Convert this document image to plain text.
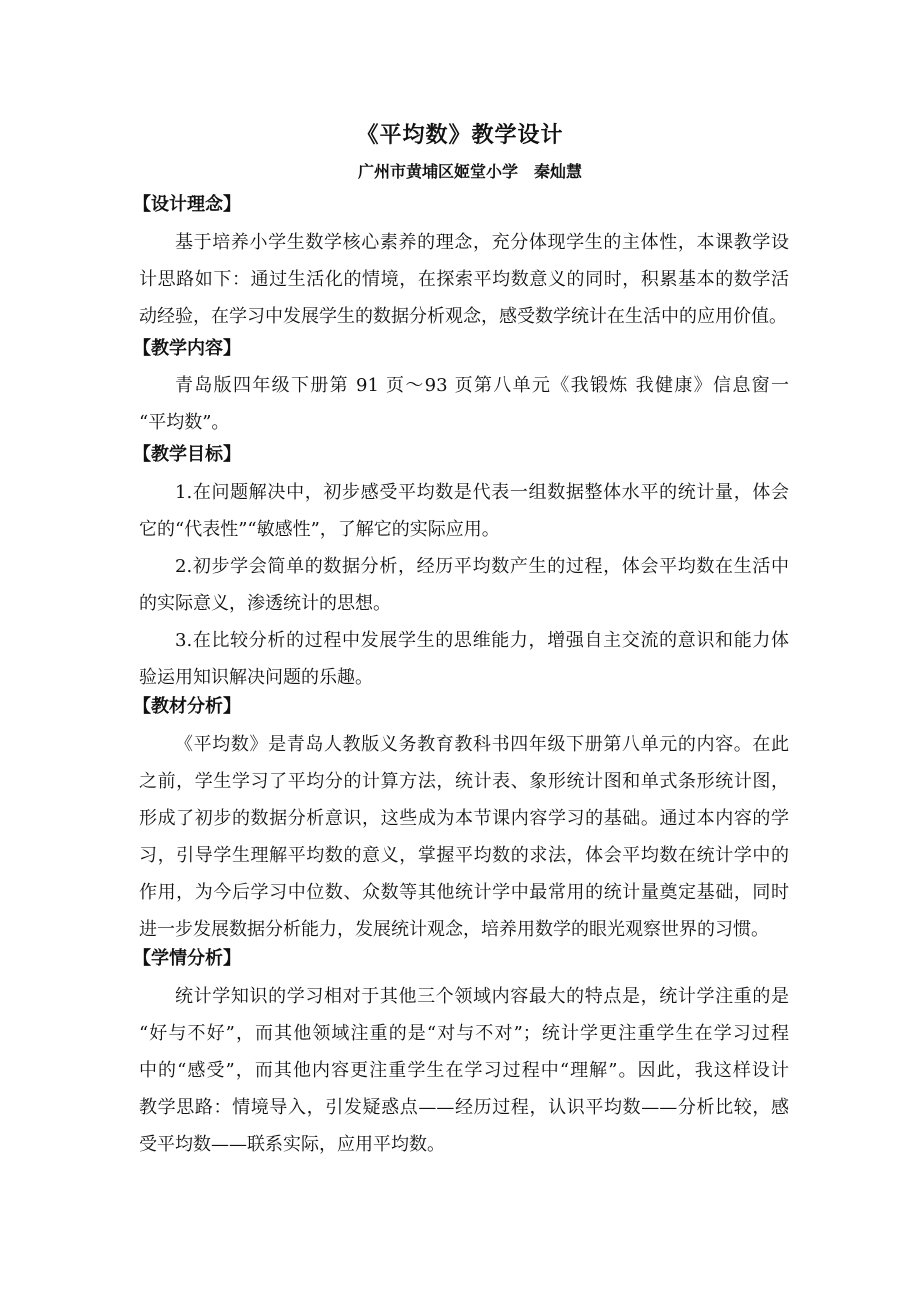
《平均数》教学设计
广州市黄埔区姬堂小学　秦灿慧
【设计理念】
基于培养小学生数学核心素养的理念，充分体现学生的主体性，本课教学设
计思路如下：通过生活化的情境，在探索平均数意义的同时，积累基本的数学活
动经验，在学习中发展学生的数据分析观念，感受数学统计在生活中的应用价值。
【教学内容】
青岛版四年级下册第 91 页～93 页第八单元《我锻炼 我健康》信息窗一
“平均数”。
【教学目标】
1.在问题解决中，初步感受平均数是代表一组数据整体水平的统计量，体会
它的“代表性”“敏感性”，了解它的实际应用。
2.初步学会简单的数据分析，经历平均数产生的过程，体会平均数在生活中
的实际意义，渗透统计的思想。
3.在比较分析的过程中发展学生的思维能力，增强自主交流的意识和能力体
验运用知识解决问题的乐趣。
【教材分析】
《平均数》是青岛人教版义务教育教科书四年级下册第八单元的内容。在此
之前，学生学习了平均分的计算方法，统计表、象形统计图和单式条形统计图，
形成了初步的数据分析意识，这些成为本节课内容学习的基础。通过本内容的学
习，引导学生理解平均数的意义，掌握平均数的求法，体会平均数在统计学中的
作用，为今后学习中位数、众数等其他统计学中最常用的统计量奠定基础，同时
进一步发展数据分析能力，发展统计观念，培养用数学的眼光观察世界的习惯。
【学情分析】
统计学知识的学习相对于其他三个领域内容最大的特点是，统计学注重的是
“好与不好”，而其他领域注重的是“对与不对”；统计学更注重学生在学习过程
中的“感受”，而其他内容更注重学生在学习过程中“理解”。因此，我这样设计
教学思路：情境导入，引发疑惑点——经历过程，认识平均数——分析比较，感
受平均数——联系实际，应用平均数。
